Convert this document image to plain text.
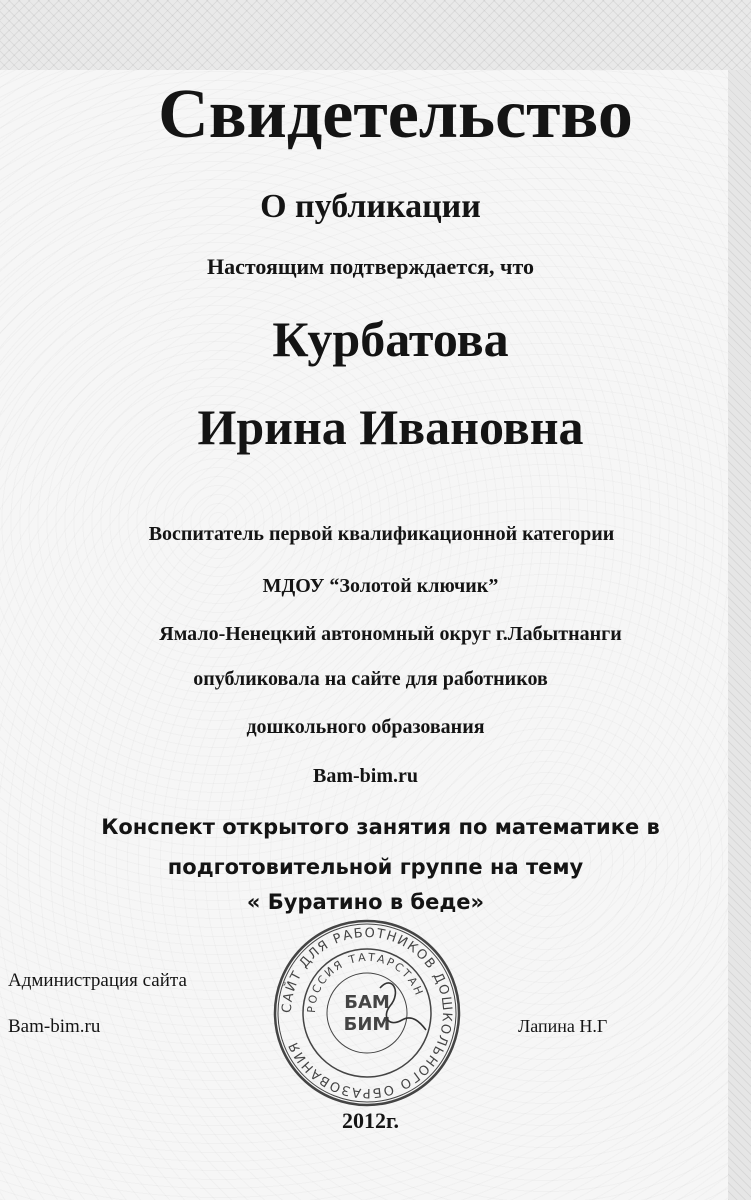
Свидетельство
О публикации
Настоящим подтверждается, что
Курбатова
Ирина Ивановна
Воспитатель первой квалификационной категории
МДОУ “Золотой ключик”
Ямало-Ненецкий автономный округ г.Лабытнанги
опубликовала на сайте для работников
дошкольного образования
Bam-bim.ru
Конспект открытого занятия по математике в
подготовительной группе на тему
« Буратино в беде»
Администрация сайта
Bam-bim.ru	Лапина Н.Г
САЙТ ДЛЯ РАБОТНИКОВ ДОШКОЛЬНОГО ОБРАЗОВАНИЯ
РОССИЯ ТАТАРСТАН
БАМ
БИМ
2012г.
